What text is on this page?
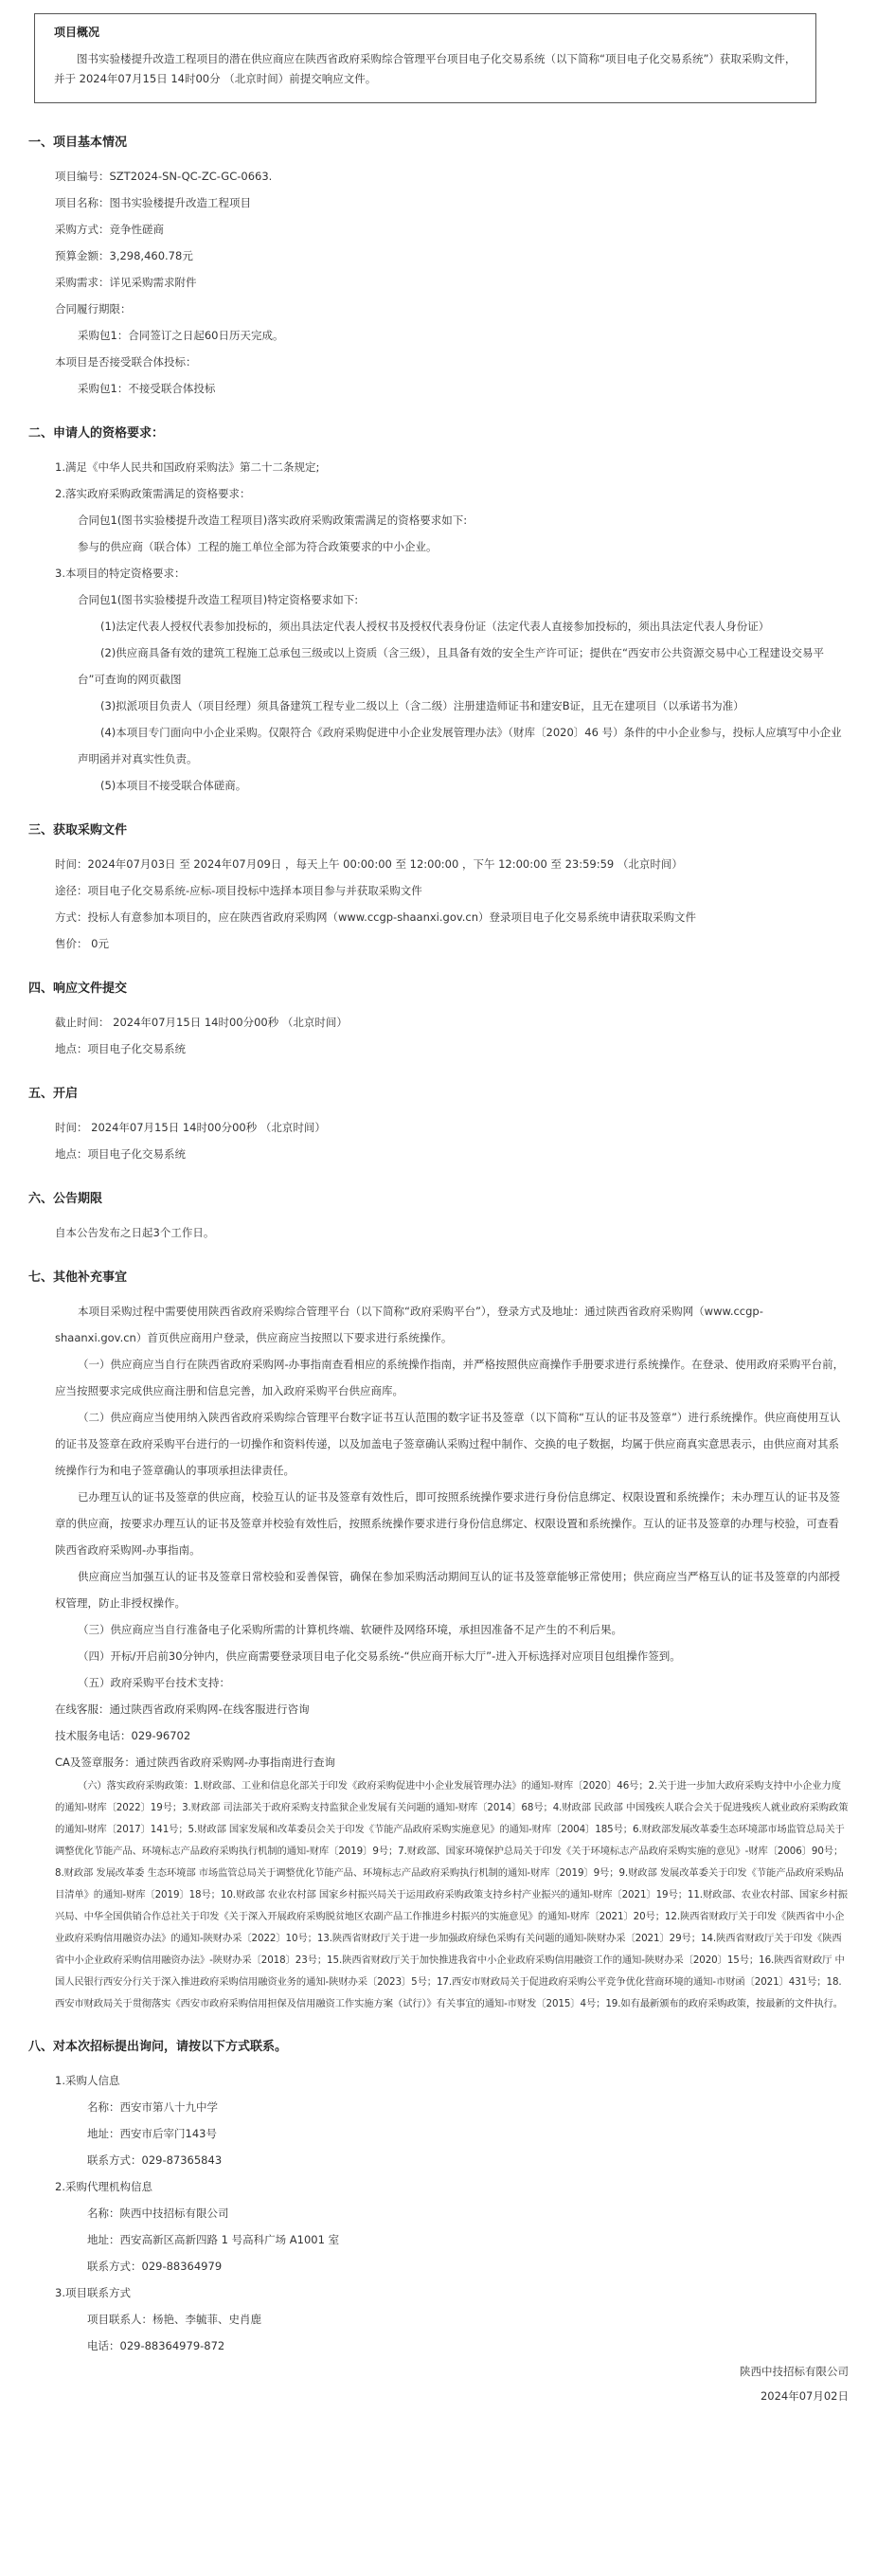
项目概况
图书实验楼提升改造工程项目的潜在供应商应在陕西省政府采购综合管理平台项目电子化交易系统（以下简称“项目电子化交易系统”）获取采购文件，并于 2024年07月15日 14时00分 （北京时间）前提交响应文件。
一、项目基本情况
项目编号：SZT2024-SN-QC-ZC-GC-0663.
项目名称：图书实验楼提升改造工程项目
采购方式：竞争性磋商
预算金额：3,298,460.78元
采购需求：详见采购需求附件
合同履行期限：
采购包1：合同签订之日起60日历天完成。
本项目是否接受联合体投标：
采购包1：不接受联合体投标
二、申请人的资格要求：
1.满足《中华人民共和国政府采购法》第二十二条规定;
2.落实政府采购政策需满足的资格要求：
合同包1(图书实验楼提升改造工程项目)落实政府采购政策需满足的资格要求如下:
参与的供应商（联合体）工程的施工单位全部为符合政策要求的中小企业。
3.本项目的特定资格要求：
合同包1(图书实验楼提升改造工程项目)特定资格要求如下:
(1)法定代表人授权代表参加投标的，须出具法定代表人授权书及授权代表身份证（法定代表人直接参加投标的，须出具法定代表人身份证）
(2)供应商具备有效的建筑工程施工总承包三级或以上资质（含三级），且具备有效的安全生产许可证；提供在“西安市公共资源交易中心工程建设交易平台”可查询的网页截图
(3)拟派项目负责人（项目经理）须具备建筑工程专业二级以上（含二级）注册建造师证书和建安B证，且无在建项目（以承诺书为准）
(4)本项目专门面向中小企业采购。仅限符合《政府采购促进中小企业发展管理办法》（财库〔2020〕46 号）条件的中小企业参与，投标人应填写中小企业声明函并对真实性负责。
(5)本项目不接受联合体磋商。
三、获取采购文件
时间：2024年07月03日 至 2024年07月09日 ，每天上午 00:00:00 至 12:00:00 ，下午 12:00:00 至 23:59:59 （北京时间）
途径：项目电子化交易系统-应标-项目投标中选择本项目参与并获取采购文件
方式：投标人有意参加本项目的，应在陕西省政府采购网（www.ccgp-shaanxi.gov.cn）登录项目电子化交易系统申请获取采购文件
售价： 0元
四、响应文件提交
截止时间： 2024年07月15日 14时00分00秒 （北京时间）
地点：项目电子化交易系统
五、开启
时间： 2024年07月15日 14时00分00秒 （北京时间）
地点：项目电子化交易系统
六、公告期限
自本公告发布之日起3个工作日。
七、其他补充事宜
本项目采购过程中需要使用陕西省政府采购综合管理平台（以下简称“政府采购平台”），登录方式及地址：通过陕西省政府采购网（www.ccgp-shaanxi.gov.cn）首页供应商用户登录，供应商应当按照以下要求进行系统操作。
（一）供应商应当自行在陕西省政府采购网-办事指南查看相应的系统操作指南，并严格按照供应商操作手册要求进行系统操作。在登录、使用政府采购平台前，应当按照要求完成供应商注册和信息完善，加入政府采购平台供应商库。
（二）供应商应当使用纳入陕西省政府采购综合管理平台数字证书互认范围的数字证书及签章（以下简称“互认的证书及签章”）进行系统操作。供应商使用互认的证书及签章在政府采购平台进行的一切操作和资料传递，以及加盖电子签章确认采购过程中制作、交换的电子数据，均属于供应商真实意思表示，由供应商对其系统操作行为和电子签章确认的事项承担法律责任。
已办理互认的证书及签章的供应商，校验互认的证书及签章有效性后，即可按照系统操作要求进行身份信息绑定、权限设置和系统操作；未办理互认的证书及签章的供应商，按要求办理互认的证书及签章并校验有效性后，按照系统操作要求进行身份信息绑定、权限设置和系统操作。互认的证书及签章的办理与校验，可查看陕西省政府采购网-办事指南。
供应商应当加强互认的证书及签章日常校验和妥善保管，确保在参加采购活动期间互认的证书及签章能够正常使用；供应商应当严格互认的证书及签章的内部授权管理，防止非授权操作。
（三）供应商应当自行准备电子化采购所需的计算机终端、软硬件及网络环境，承担因准备不足产生的不利后果。
（四）开标/开启前30分钟内，供应商需要登录项目电子化交易系统-“供应商开标大厅”-进入开标选择对应项目包组操作签到。
（五）政府采购平台技术支持：
在线客服：通过陕西省政府采购网-在线客服进行咨询
技术服务电话：029-96702
CA及签章服务：通过陕西省政府采购网-办事指南进行查询
（六）落实政府采购政策：1.财政部、工业和信息化部关于印发《政府采购促进中小企业发展管理办法》的通知-财库〔2020〕46号；2.关于进一步加大政府采购支持中小企业力度的通知-财库〔2022〕19号；3.财政部 司法部关于政府采购支持监狱企业发展有关问题的通知-财库〔2014〕68号；4.财政部 民政部 中国残疾人联合会关于促进残疾人就业政府采购政策的通知-财库〔2017〕141号；5.财政部 国家发展和改革委员会关于印发《节能产品政府采购实施意见》的通知-财库〔2004〕185号；6.财政部发展改革委生态环境部市场监管总局关于调整优化节能产品、环境标志产品政府采购执行机制的通知-财库〔2019〕9号；7.财政部、国家环境保护总局关于印发《关于环境标志产品政府采购实施的意见》-财库〔2006〕90号；8.财政部 发展改革委 生态环境部 市场监管总局关于调整优化节能产品、环境标志产品政府采购执行机制的通知-财库〔2019〕9号；9.财政部 发展改革委关于印发《节能产品政府采购品目清单》的通知-财库〔2019〕18号；10.财政部 农业农村部 国家乡村振兴局关于运用政府采购政策支持乡村产业振兴的通知-财库〔2021〕19号；11.财政部、农业农村部、国家乡村振兴局、中华全国供销合作总社关于印发《关于深入开展政府采购脱贫地区农副产品工作推进乡村振兴的实施意见》的通知-财库〔2021〕20号；12.陕西省财政厅关于印发《陕西省中小企业政府采购信用融资办法》的通知-陕财办采〔2022〕10号；13.陕西省财政厅关于进一步加强政府绿色采购有关问题的通知-陕财办采〔2021〕29号；14.陕西省财政厅关于印发《陕西省中小企业政府采购信用融资办法》-陕财办采〔2018〕23号；15.陕西省财政厅关于加快推进我省中小企业政府采购信用融资工作的通知-陕财办采〔2020〕15号；16.陕西省财政厅 中国人民银行西安分行关于深入推进政府采购信用融资业务的通知-陕财办采〔2023〕5号；17.西安市财政局关于促进政府采购公平竞争优化营商环境的通知-市财函〔2021〕431号；18.西安市财政局关于贯彻落实《西安市政府采购信用担保及信用融资工作实施方案（试行）》有关事宜的通知-市财发〔2015〕4号；19.如有最新颁布的政府采购政策，按最新的文件执行。
八、对本次招标提出询问，请按以下方式联系。
1.采购人信息
名称：西安市第八十九中学
地址：西安市后宰门143号
联系方式：029-87365843
2.采购代理机构信息
名称：陕西中技招标有限公司
地址：西安高新区高新四路 1 号高科广场 A1001 室
联系方式：029-88364979
3.项目联系方式
项目联系人：杨艳、李毓菲、史肖鹿
电话：029-88364979-872
陕西中技招标有限公司
2024年07月02日
